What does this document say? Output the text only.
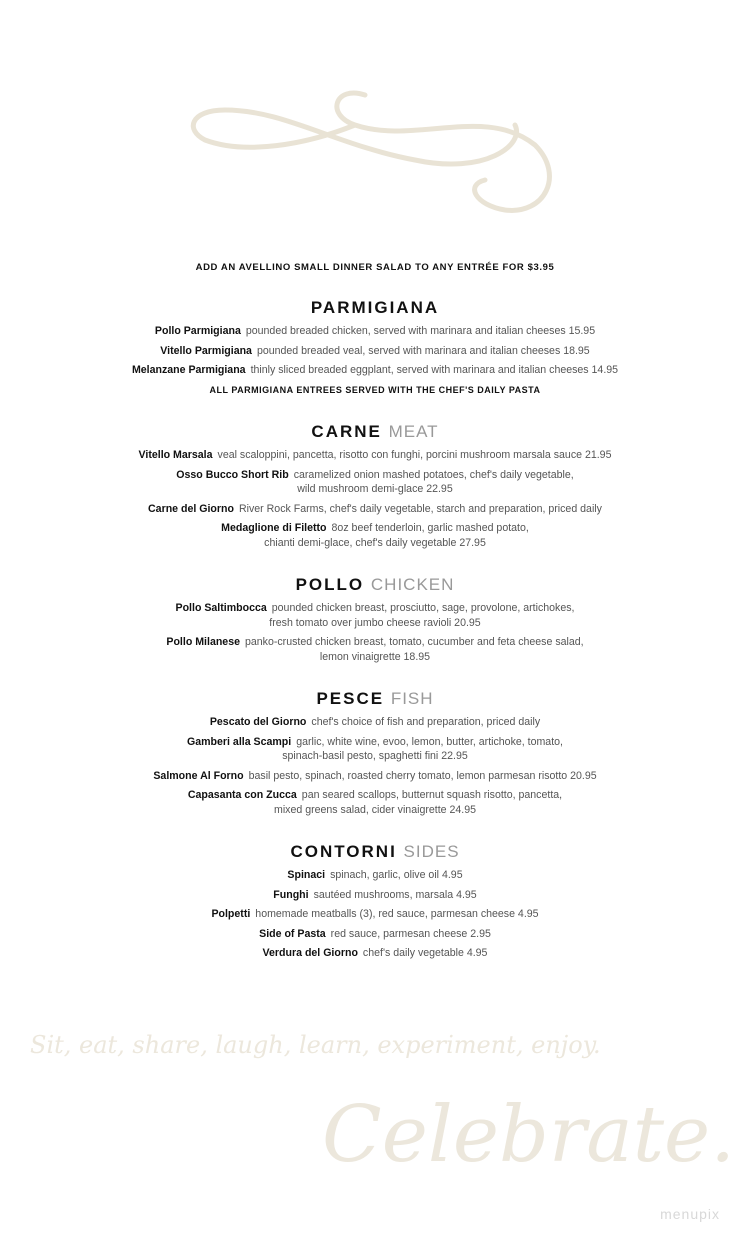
ADD AN AVELLINO SMALL DINNER SALAD TO ANY ENTRÉE FOR $3.95
PARMIGIANA
Pollo Parmigiana pounded breaded chicken, served with marinara and italian cheeses 15.95
Vitello Parmigiana pounded breaded veal, served with marinara and italian cheeses 18.95
Melanzane Parmigiana thinly sliced breaded eggplant, served with marinara and italian cheeses 14.95
ALL PARMIGIANA ENTREES SERVED WITH THE CHEF'S DAILY PASTA
CARNE MEAT
Vitello Marsala veal scaloppini, pancetta, risotto con funghi, porcini mushroom marsala sauce 21.95
Osso Bucco Short Rib caramelized onion mashed potatoes, chef's daily vegetable,
wild mushroom demi-glace 22.95
Carne del Giorno River Rock Farms, chef's daily vegetable, starch and preparation, priced daily
Medaglione di Filetto 8oz beef tenderloin, garlic mashed potato,
chianti demi-glace, chef's daily vegetable 27.95
POLLO CHICKEN
Pollo Saltimbocca pounded chicken breast, prosciutto, sage, provolone, artichokes,
fresh tomato over jumbo cheese ravioli 20.95
Pollo Milanese panko-crusted chicken breast, tomato, cucumber and feta cheese salad,
lemon vinaigrette 18.95
PESCE FISH
Pescato del Giorno chef's choice of fish and preparation, priced daily
Gamberi alla Scampi garlic, white wine, evoo, lemon, butter, artichoke, tomato,
spinach-basil pesto, spaghetti fini 22.95
Salmone Al Forno basil pesto, spinach, roasted cherry tomato, lemon parmesan risotto 20.95
Capasanta con Zucca pan seared scallops, butternut squash risotto, pancetta,
mixed greens salad, cider vinaigrette 24.95
CONTORNI SIDES
Spinaci spinach, garlic, olive oil 4.95
Funghi sautéed mushrooms, marsala 4.95
Polpetti homemade meatballs (3), red sauce, parmesan cheese 4.95
Side of Pasta red sauce, parmesan cheese 2.95
Verdura del Giorno chef's daily vegetable 4.95
Sit, eat, share, laugh, learn, experiment, enjoy.
Celebrate.
menupix
